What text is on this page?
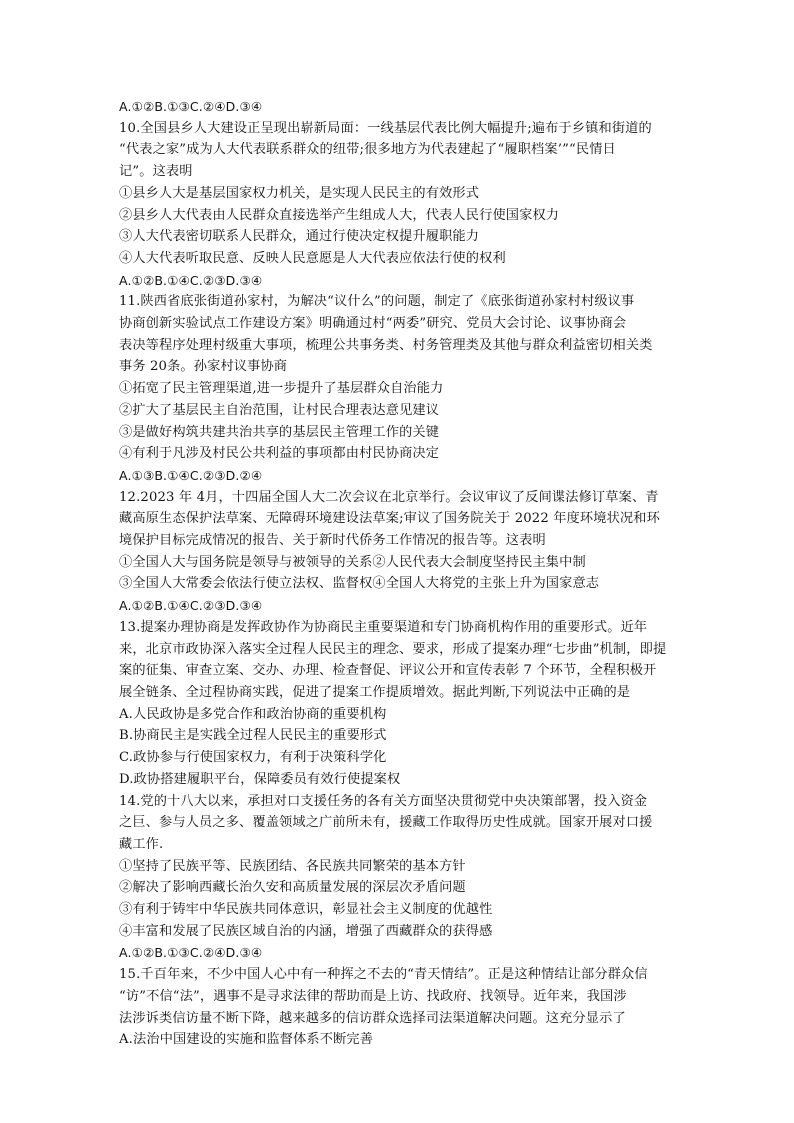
A.①②B.①③C.②④D.③④
10.全国县乡人大建设正呈现出崭新局面：一线基层代表比例大幅提升;遍布于乡镇和街道的
“代表之家”成为人大代表联系群众的纽带;很多地方为代表建起了“履职档案’”“民情日
记”。这表明
①县乡人大是基层国家权力机关，是实现人民民主的有效形式
②县乡人大代表由人民群众直接选举产生组成人大，代表人民行使国家权力
③人大代表密切联系人民群众，通过行使决定权提升履职能力
④人大代表听取民意、反映人民意愿是人大代表应依法行使的权利
A.①②B.①④C.②③D.③④
11.陕西省底张街道孙家村，为解决“议什么”的问题，制定了《底张街道孙家村村级议事
协商创新实验试点工作建设方案》明确通过村“两委”研究、党员大会讨论、议事协商会
表决等程序处理村级重大事项，梳理公共事务类、村务管理类及其他与群众利益密切相关类
事务 20条。孙家村议事协商
①拓宽了民主管理渠道,进一步提升了基层群众自治能力
②扩大了基层民主自治范围，让村民合理表达意见建议
③是做好构筑共建共治共享的基层民主管理工作的关键
④有利于凡涉及村民公共利益的事项都由村民协商决定
A.①③B.①④C.②③D.②④
12.2023 年 4月，十四届全国人大二次会议在北京举行。会议审议了反间谍法修订草案、青
藏高原生态保护法草案、无障碍环境建设法草案;审议了国务院关于 2022 年度环境状况和环
境保护目标完成情况的报告、关于新时代侨务工作情况的报告等。这表明
①全国人大与国务院是领导与被领导的关系②人民代表大会制度坚持民主集中制
③全国人大常委会依法行使立法权、监督权④全国人大将党的主张上升为国家意志
A.①②B.①④C.②③D.③④
13.提案办理协商是发挥政协作为协商民主重要渠道和专门协商机构作用的重要形式。近年
来，北京市政协深入落实全过程人民民主的理念、要求，形成了提案办理“七步曲”机制，即提
案的征集、审查立案、交办、办理、检查督促、评议公开和宣传表彰 7 个环节，全程积极开
展全链条、全过程协商实践，促进了提案工作提质增效。据此判断,下列说法中正确的是
A.人民政协是多党合作和政治协商的重要机构
B.协商民主是实践全过程人民民主的重要形式
C.政协参与行使国家权力，有利于决策科学化
D.政协搭建履职平台，保障委员有效行使提案权
14.党的十八大以来，承担对口支援任务的各有关方面坚决贯彻党中央决策部署，投入资金
之巨、参与人员之多、覆盖领域之广前所未有，援藏工作取得历史性成就。国家开展对口援
藏工作.
①坚持了民族平等、民族团结、各民族共同繁荣的基本方针
②解决了影响西藏长治久安和高质量发展的深层次矛盾问题
③有利于铸牢中华民族共同体意识，彰显社会主义制度的优越性
④丰富和发展了民族区域自治的内涵，增强了西藏群众的获得感
A.①②B.①③C.②④D.③④
15.千百年来，不少中国人心中有一种挥之不去的“青天情结”。正是这种情结让部分群众信
“访”不信“法”，遇事不是寻求法律的帮助而是上访、找政府、找领导。近年来，我国涉
法涉诉类信访量不断下降，越来越多的信访群众选择司法渠道解决问题。这充分显示了
A.法治中国建设的实施和监督体系不断完善
